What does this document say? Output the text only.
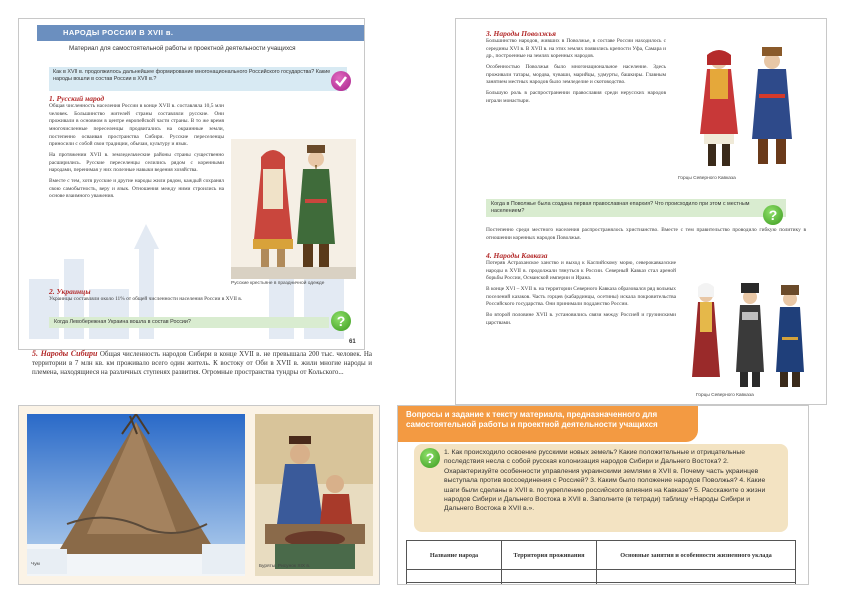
НАРОДЫ РОССИИ В XVII в.
Материал для самостоятельной работы и проектной деятельности учащихся
Как в XVII в. продолжилось дальнейшее формирование многонационального Российского государства? Какие народы вошли в состав России в XVII в.?
1. Русский народ
Общая численность населения России в конце XVII в. составляла 10,5 млн человек. Большинство жителей страны составляли русские. Они проживали в основном в центре европейской части страны. В то же время многочисленные переселенцы продвигались на окраинные земли, постепенно осваивая пространства Сибири. Русские переселенцы приносили с собой свои традиции, обычаи, культуру и язык.
На протяжении XVII в. земледельческие районы страны существенно расширились. Русские переселенцы селились рядом с коренными народами, перенимая у них полезные навыки ведения хозяйства.
Вместе с тем, хотя русские и другие народы жили рядом, каждый сохранял свою самобытность, веру и язык. Отношения между ними строились на основе взаимного уважения.
Русские крестьяне в праздничной одежде
2. Украинцы
Украинцы составляли около 11% от общей численности населения России в XVII в.
Когда Левобережная Украина вошла в состав России?	?
61
5. Народы Сибири Общая численность народов Сибири в конце XVII в. не превышала 200 тыс. человек. На территории в 7 млн кв. км проживало всего один житель. К востоку от Оби в XVII в. жили многие народы и племена, находящиеся на различных ступенях развития. Огромные пространства тундры от Кольского...
3. Народы Поволжья
Большинство народов, живших в Поволжье, в составе России находилось с середины XVI в. В XVII в. на этих землях появились крепости Уфа, Самара и др., построенные на землях коренных народов.
Особенностью Поволжья было многонациональное население. Здесь проживали татары, мордва, чуваши, марийцы, удмурты, башкиры. Главным занятием местных народов было земледелие и скотоводство.
Большую роль в распространении православия среди нерусских народов играли монастыри.
Горцы Северного Кавказа
Когда в Поволжье была создана первая православная епархия? Что происходило при этом с местным населением?	?
Постепенно среди местного населения распространялось христианство. Вместе с тем правительство проводило гибкую политику в отношении коренных народов Поволжья.
4. Народы Кавказа
Потеряв Астраханское ханство и выход к Каспийскому морю, северокавказские народы в XVII в. продолжали тянуться к России. Северный Кавказ стал ареной борьбы России, Османской империи и Ирана.
В конце XVI – XVII в. на территории Северного Кавказа образовался ряд вольных поселений казаков. Часть горцев (кабардинцы, осетины) искала покровительства Российского государства. Они принимали подданство России.
Во второй половине XVII в. установились связи между Россией и грузинскими царствами.
Горцы Северного Кавказа
Чум	Буряты. Рисунок XIX в.
Вопросы и задание к тексту материала, предназначенного для самостоятельной работы и проектной деятельности учащихся
1. Как происходило освоение русскими новых земель? Какие положительные и отрицательные последствия несла с собой русская колонизация народов Сибири и Дальнего Востока? 2. Охарактеризуйте особенности управления украинскими землями в XVII в. Почему часть украинцев выступала против воссоединения с Россией? 3. Каким было положение народов Поволжья? 4. Какие шаги были сделаны в XVII в. по укреплению российского влияния на Кавказе? 5. Расскажите о жизни народов Сибири и Дальнего Востока в XVII в. Заполните (в тетради) таблицу «Народы Сибири и Дальнего Востока в XVII в.».
?
Название народа	Территория проживания	Основные занятия и особенности жизненного уклада
